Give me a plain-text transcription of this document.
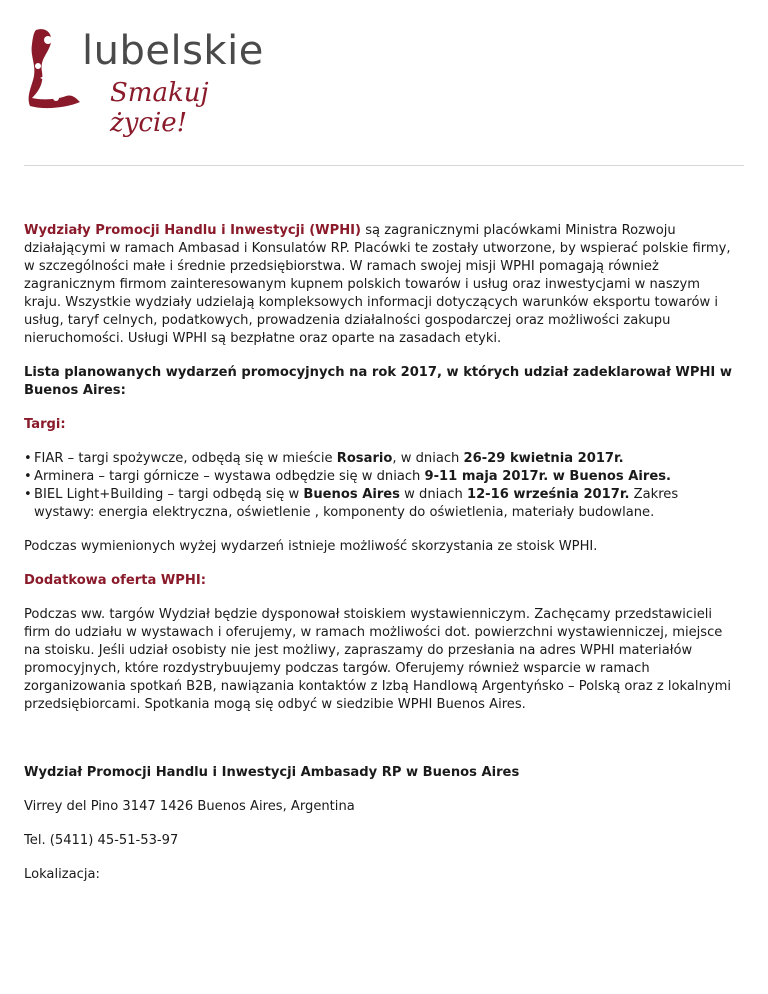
lubelskie
Smakuj życie!

Wydziały Promocji Handlu i Inwestycji (WPHI) są zagranicznymi placówkami Ministra Rozwoju działającymi w ramach Ambasad i Konsulatów RP. Placówki te zostały utworzone, by wspierać polskie firmy, w szczególności małe i średnie przedsiębiorstwa. W ramach swojej misji WPHI pomagają również zagranicznym firmom zainteresowanym kupnem polskich towarów i usług oraz inwestycjami w naszym kraju. Wszystkie wydziały udzielają kompleksowych informacji dotyczących warunków eksportu towarów i usług, taryf celnych, podatkowych, prowadzenia działalności gospodarczej oraz możliwości zakupu nieruchomości. Usługi WPHI są bezpłatne oraz oparte na zasadach etyki.

Lista planowanych wydarzeń promocyjnych na rok 2017, w których udział zadeklarował WPHI w Buenos Aires:
Targi:
• FIAR – targi spożywcze, odbędą się w mieście Rosario, w dniach 26-29 kwietnia 2017r.
• Arminera – targi górnicze – wystawa odbędzie się w dniach 9-11 maja 2017r. w Buenos Aires.
• BIEL Light+Building – targi odbędą się w Buenos Aires w dniach 12-16 września 2017r. Zakres wystawy: energia elektryczna, oświetlenie , komponenty do oświetlenia, materiały budowlane.

Podczas wymienionych wyżej wydarzeń istnieje możliwość skorzystania ze stoisk WPHI.

Dodatkowa oferta WPHI:

Podczas ww. targów Wydział będzie dysponował stoiskiem wystawienniczym. Zachęcamy przedstawicieli firm do udziału w wystawach i oferujemy, w ramach możliwości dot. powierzchni wystawienniczej, miejsce na stoisku. Jeśli udział osobisty nie jest możliwy, zapraszamy do przesłania na adres WPHI materiałów promocyjnych, które rozdystrybuujemy podczas targów. Oferujemy również wsparcie w ramach zorganizowania spotkań B2B, nawiązania kontaktów z Izbą Handlową Argentyńsko – Polską oraz z lokalnymi przedsiębiorcami. Spotkania mogą się odbyć w siedzibie WPHI Buenos Aires.

Wydział Promocji Handlu i Inwestycji Ambasady RP w Buenos Aires

Virrey del Pino 3147 1426 Buenos Aires, Argentina

Tel. (5411) 45-51-53-97

Lokalizacja:
